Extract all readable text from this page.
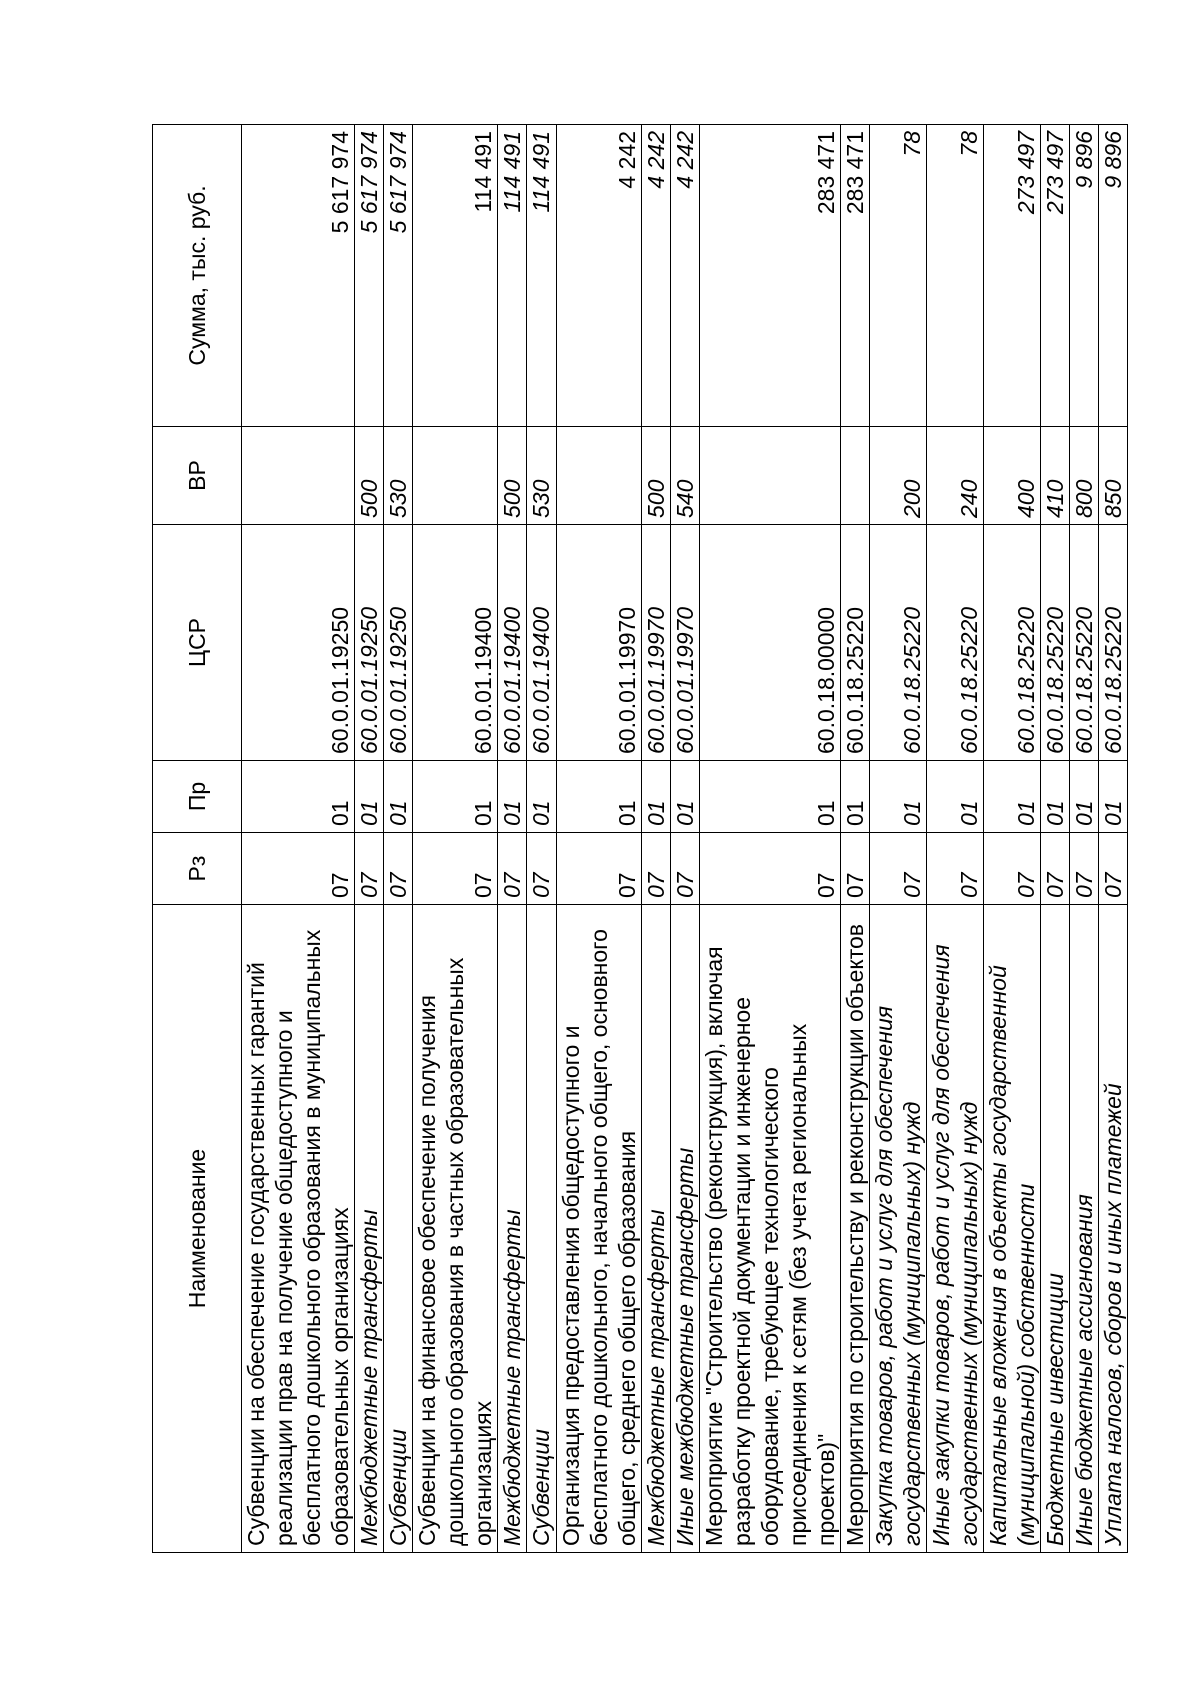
Наименование	Рз	Пр	ЦСР	ВР	Сумма, тыс. руб.
Субвенции на обеспечение государственных гарантий реализации прав на получение общедоступного и бесплатного дошкольного образования в муниципальных образовательных организациях	07	01	60.0.01.19250		5 617 974
Межбюджетные трансферты	07	01	60.0.01.19250	500	5 617 974
Субвенции	07	01	60.0.01.19250	530	5 617 974
Субвенции на финансовое обеспечение получения дошкольного образования в частных образовательных организациях	07	01	60.0.01.19400		114 491
Межбюджетные трансферты	07	01	60.0.01.19400	500	114 491
Субвенции	07	01	60.0.01.19400	530	114 491
Организация предоставления общедоступного и бесплатного дошкольного, начального общего, основного общего, среднего общего образования	07	01	60.0.01.19970		4 242
Межбюджетные трансферты	07	01	60.0.01.19970	500	4 242
Иные межбюджетные трансферты	07	01	60.0.01.19970	540	4 242
Мероприятие "Строительство (реконструкция), включая разработку проектной документации и инженерное оборудование, требующее технологического присоединения к сетям (без учета региональных проектов)"	07	01	60.0.18.00000		283 471
Мероприятия по строительству и реконструкции объектов	07	01	60.0.18.25220		283 471
Закупка товаров, работ и услуг для обеспечения государственных (муниципальных) нужд	07	01	60.0.18.25220	200	78
Иные закупки товаров, работ и услуг для обеспечения государственных (муниципальных) нужд	07	01	60.0.18.25220	240	78
Капитальные вложения в объекты государственной (муниципальной) собственности	07	01	60.0.18.25220	400	273 497
Бюджетные инвестиции	07	01	60.0.18.25220	410	273 497
Иные бюджетные ассигнования	07	01	60.0.18.25220	800	9 896
Уплата налогов, сборов и иных платежей	07	01	60.0.18.25220	850	9 896
